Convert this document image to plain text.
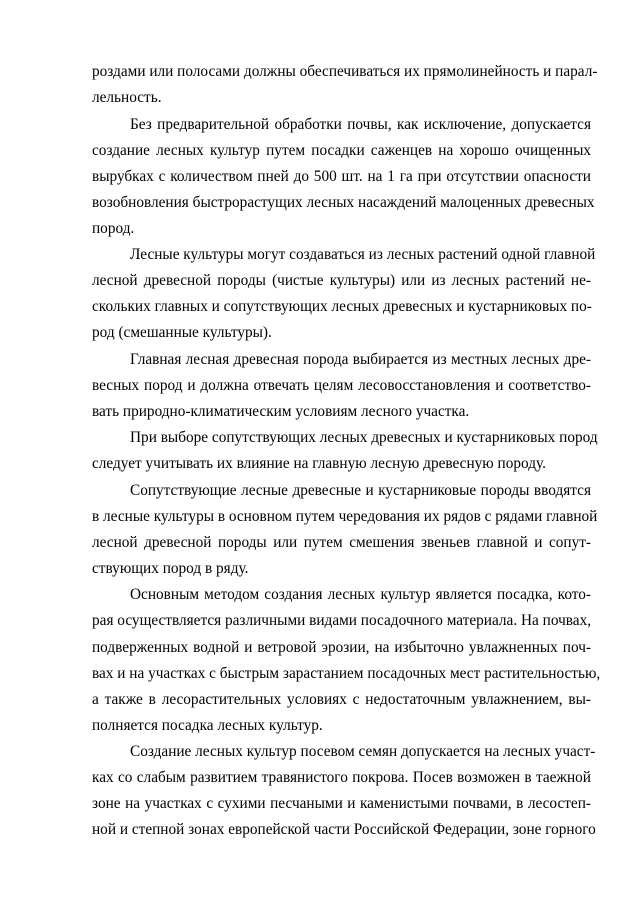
роздами или полосами должны обеспечиваться их прямолинейность и парал-
лельность.
Без предварительной обработки почвы, как исключение, допускается
создание лесных культур путем посадки саженцев на хорошо очищенных
вырубках с количеством пней до 500 шт. на 1 га при отсутствии опасности
возобновления быстрорастущих лесных насаждений малоценных древесных
пород.
Лесные культуры могут создаваться из лесных растений одной главной
лесной древесной породы (чистые культуры) или из лесных растений не-
скольких главных и сопутствующих лесных древесных и кустарниковых по-
род (смешанные культуры).
Главная лесная древесная порода выбирается из местных лесных дре-
весных пород и должна отвечать целям лесовосстановления и соответство-
вать природно-климатическим условиям лесного участка.
При выборе сопутствующих лесных древесных и кустарниковых пород
следует учитывать их влияние на главную лесную древесную породу.
Сопутствующие лесные древесные и кустарниковые породы вводятся
в лесные культуры в основном путем чередования их рядов с рядами главной
лесной древесной породы или путем смешения звеньев главной и сопут-
ствующих пород в ряду.
Основным методом создания лесных культур является посадка, кото-
рая осуществляется различными видами посадочного материала. На почвах,
подверженных водной и ветровой эрозии, на избыточно увлажненных поч-
вах и на участках с быстрым зарастанием посадочных мест растительностью,
а также в лесорастительных условиях с недостаточным увлажнением, вы-
полняется посадка лесных культур.
Создание лесных культур посевом семян допускается на лесных участ-
ках со слабым развитием травянистого покрова. Посев возможен в таежной
зоне на участках с сухими песчаными и каменистыми почвами, в лесостеп-
ной и степной зонах европейской части Российской Федерации, зоне горного
